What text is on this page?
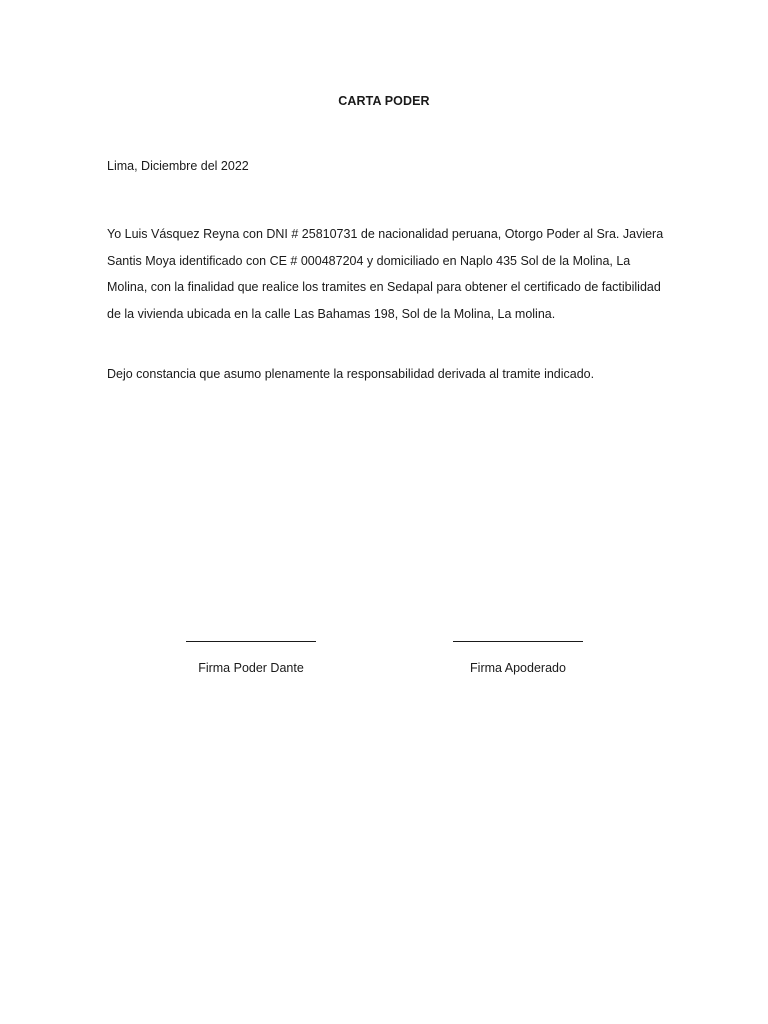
CARTA PODER
Lima, Diciembre del 2022

Yo Luis Vásquez Reyna con DNI # 25810731 de nacionalidad peruana, Otorgo Poder al Sra. Javiera Santis Moya identificado con CE # 000487204 y domiciliado en Naplo 435 Sol de la Molina, La Molina, con la finalidad que realice los tramites en Sedapal para obtener el certificado de factibilidad de la vivienda ubicada en la calle Las Bahamas 198, Sol de la Molina, La molina.

Dejo constancia que asumo plenamente la responsabilidad derivada al tramite indicado.

Firma Poder Dante	Firma Apoderado
